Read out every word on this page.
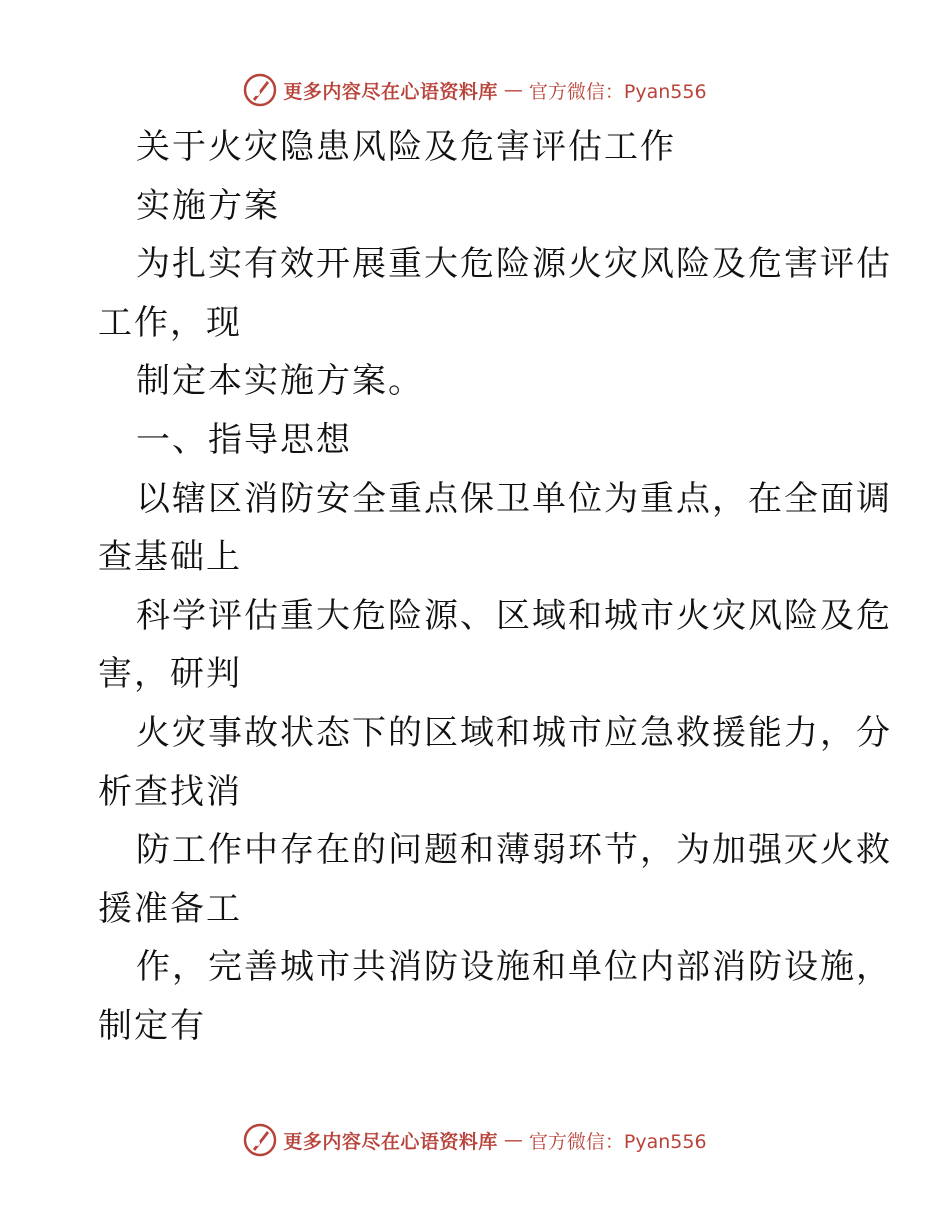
更多内容尽在心语资料库 — 官方微信：Pyan556
关于火灾隐患风险及危害评估工作
实施方案
为扎实有效开展重大危险源火灾风险及危害评估
工作，现
制定本实施方案。
一、指导思想
以辖区消防安全重点保卫单位为重点，在全面调
查基础上
科学评估重大危险源、区域和城市火灾风险及危
害，研判
火灾事故状态下的区域和城市应急救援能力，分
析查找消
防工作中存在的问题和薄弱环节，为加强灭火救
援准备工
作，完善城市共消防设施和单位内部消防设施，
制定有
更多内容尽在心语资料库 — 官方微信：Pyan556
